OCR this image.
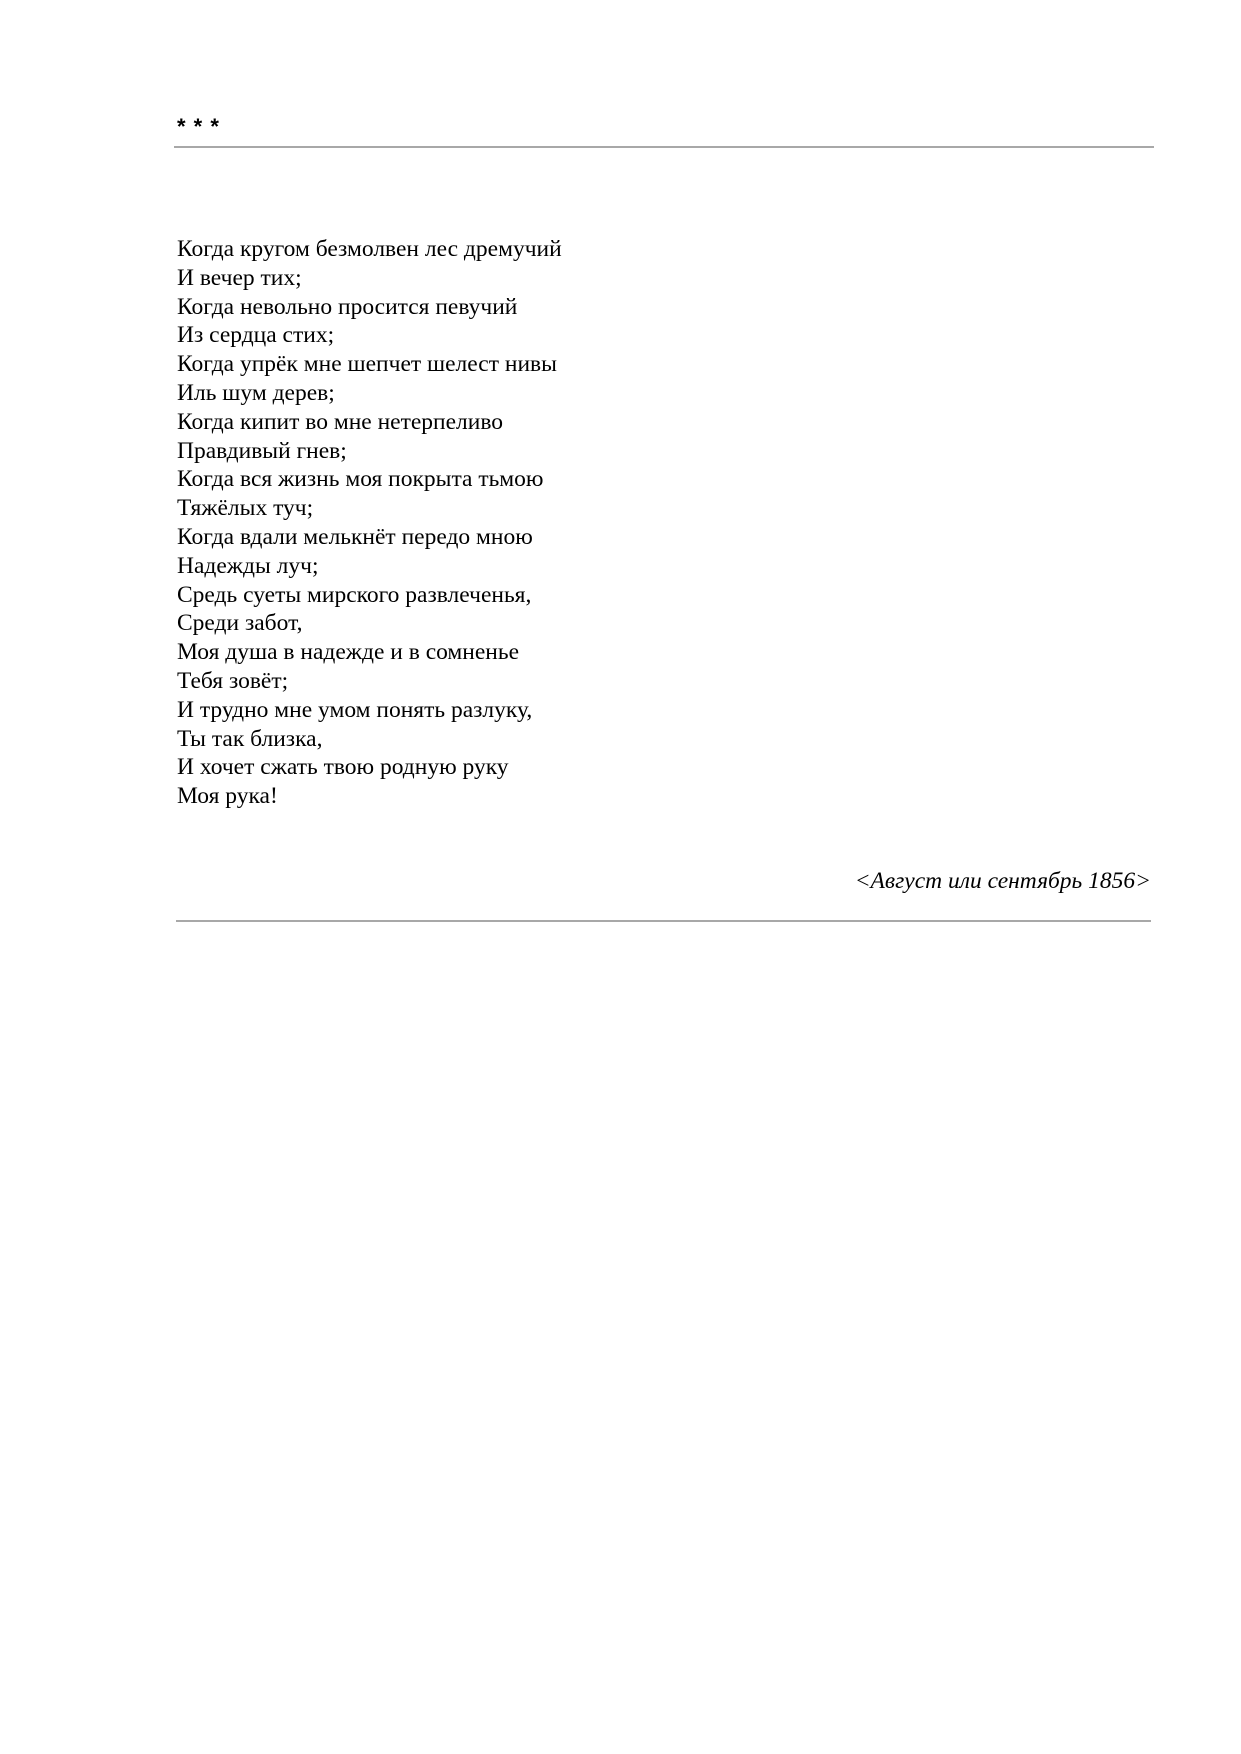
* * *
Когда кругом безмолвен лес дремучий
И вечер тих;
Когда невольно просится певучий
Из сердца стих;
Когда упрёк мне шепчет шелест нивы
Иль шум дерев;
Когда кипит во мне нетерпеливо
Правдивый гнев;
Когда вся жизнь моя покрыта тьмою
Тяжёлых туч;
Когда вдали мелькнёт передо мною
Надежды луч;
Средь суеты мирского развлеченья,
Среди забот,
Моя душа в надежде и в сомненье
Тебя зовёт;
И трудно мне умом понять разлуку,
Ты так близка,
И хочет сжать твою родную руку
Моя рука!
<Август или сентябрь 1856>
